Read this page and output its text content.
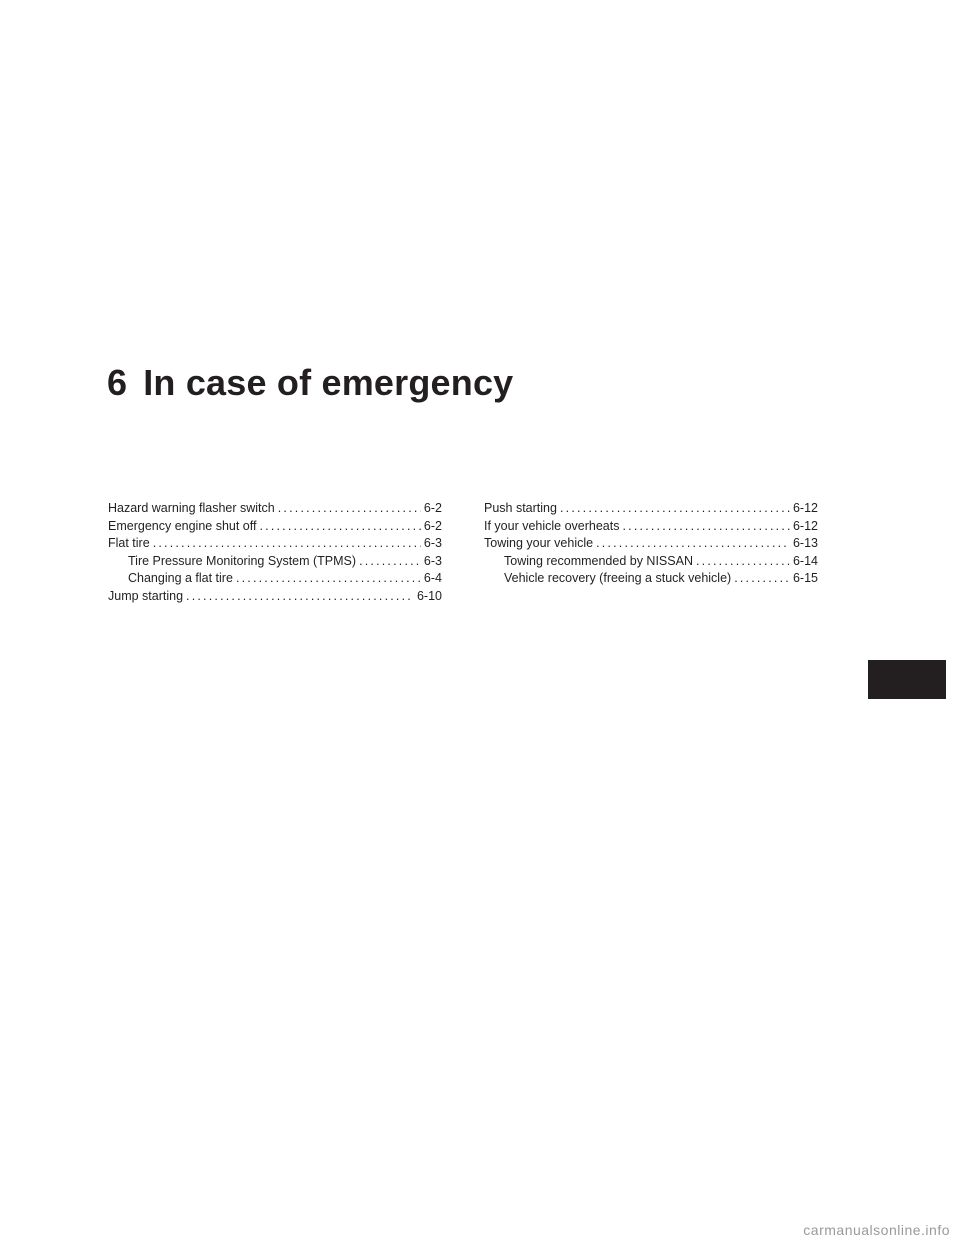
6 In case of emergency
Hazard warning flasher switch .....	6-2
Emergency engine shut off .....	6-2
Flat tire .....	6-3
Tire Pressure Monitoring System (TPMS) .....	6-3
Changing a flat tire .....	6-4
Jump starting .....	6-10
Push starting .....	6-12
If your vehicle overheats .....	6-12
Towing your vehicle .....	6-13
Towing recommended by NISSAN .....	6-14
Vehicle recovery (freeing a stuck vehicle) .....	6-15
carmanualsonline.info
